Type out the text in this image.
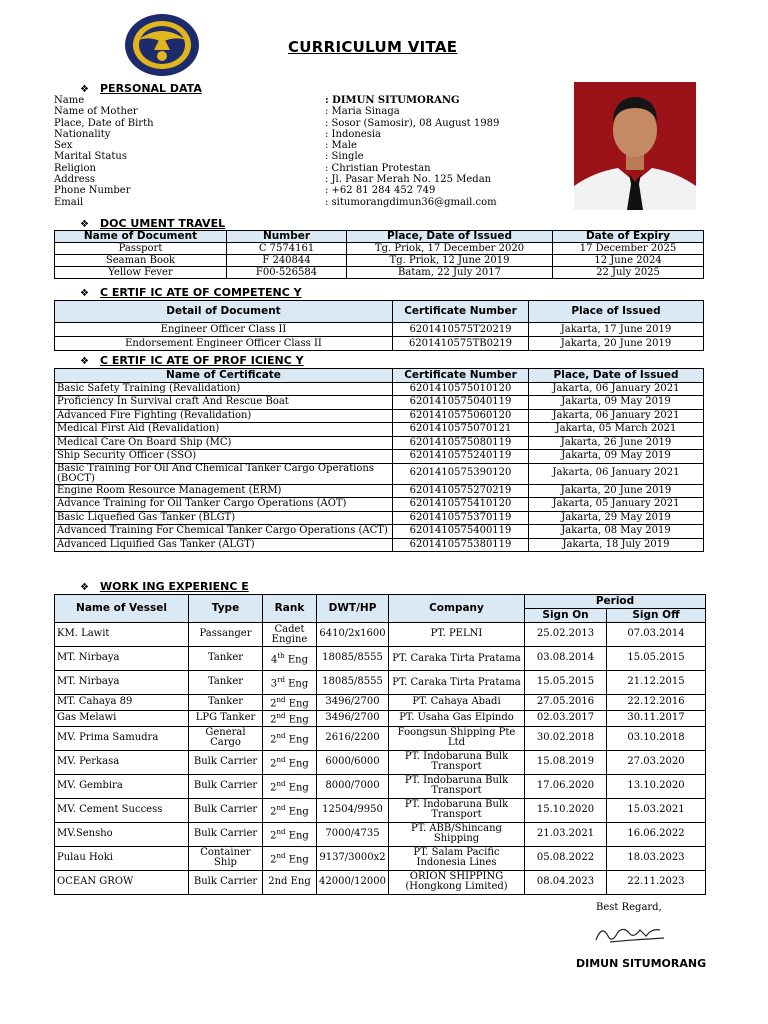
CURRICULUM VITAE
❖ PERSONAL DATA
Name	: DIMUN SITUMORANG
Name of Mother	: Maria Sinaga
Place, Date of Birth	: Sosor (Samosir), 08 August 1989
Nationality	: Indonesia
Sex	: Male
Marital Status	: Single
Religion	: Christian Protestan
Address	: Jl. Pasar Merah No. 125 Medan
Phone Number	: +62 81 284 452 749
Email	: situmorangdimun36@gmail.com
❖ DOC UMENT TRAVEL
Name of Document	Number	Place, Date of Issued	Date of Expiry
Passport	C 7574161	Tg. Priok, 17 December 2020	17 December 2025
Seaman Book	F 240844	Tg. Priok, 12 June 2019	12 June 2024
Yellow Fever	F00-526584	Batam, 22 July 2017	22 July 2025
❖ C ERTIF IC ATE OF COMPETENC Y
Detail of Document	Certificate Number	Place of Issued
Engineer Officer Class II	6201410575T20219	Jakarta, 17 June 2019
Endorsement Engineer Officer Class II	6201410575TB0219	Jakarta, 20 June 2019
❖ C ERTIF IC ATE OF PROF ICIENC Y
Name of Certificate	Certificate Number	Place, Date of Issued
Basic Safety Training (Revalidation)	6201410575010120	Jakarta, 06 January 2021
Proficiency In Survival craft And Rescue Boat	6201410575040119	Jakarta, 09 May 2019
Advanced Fire Fighting (Revalidation)	6201410575060120	Jakarta, 06 January 2021
Medical First Aid (Revalidation)	6201410575070121	Jakarta, 05 March 2021
Medical Care On Board Ship (MC)	6201410575080119	Jakarta, 26 June 2019
Ship Security Officer (SSO)	6201410575240119	Jakarta, 09 May 2019
Basic Training For Oil And Chemical Tanker Cargo Operations (BOCT)	6201410575390120	Jakarta, 06 January 2021
Engine Room Resource Management (ERM)	6201410575270219	Jakarta, 20 June 2019
Advance Training for Oil Tanker Cargo Operations (AOT)	6201410575410120	Jakarta, 05 January 2021
Basic Liquefied Gas Tanker (BLGT)	6201410575370119	Jakarta, 29 May 2019
Advanced Training For Chemical Tanker Cargo Operations (ACT)	6201410575400119	Jakarta, 08 May 2019
Advanced Liquified Gas Tanker (ALGT)	6201410575380119	Jakarta, 18 July 2019
❖ WORK ING EXPERIENC E
Name of Vessel	Type	Rank	DWT/HP	Company	Period	
					Sign On	Sign Off
KM. Lawit	Passanger	Cadet Engine	6410/2x1600	PT. PELNI	25.02.2013	07.03.2014
MT. Nirbaya	Tanker	4th Eng	18085/8555	PT. Caraka Tirta Pratama	03.08.2014	15.05.2015
MT. Nirbaya	Tanker	3rd Eng	18085/8555	PT. Caraka Tirta Pratama	15.05.2015	21.12.2015
MT. Cahaya 89	Tanker	2nd Eng	3496/2700	PT. Cahaya Abadi	27.05.2016	22.12.2016
Gas Melawi	LPG Tanker	2nd Eng	3496/2700	PT. Usaha Gas Elpindo	02.03.2017	30.11.2017
MV. Prima Samudra	General Cargo	2nd Eng	2616/2200	Foongsun Shipping Pte Ltd	30.02.2018	03.10.2018
MV. Perkasa	Bulk Carrier	2nd Eng	6000/6000	PT. Indobaruna Bulk Transport	15.08.2019	27.03.2020
MV. Gembira	Bulk Carrier	2nd Eng	8000/7000	PT. Indobaruna Bulk Transport	17.06.2020	13.10.2020
MV. Cement Success	Bulk Carrier	2nd Eng	12504/9950	PT. Indobaruna Bulk Transport	15.10.2020	15.03.2021
MV.Sensho	Bulk Carrier	2nd Eng	7000/4735	PT. ABB/Shincang Shipping	21.03.2021	16.06.2022
Pulau Hoki	Container Ship	2nd Eng	9137/3000x2	PT. Salam Pacific Indonesia Lines	05.08.2022	18.03.2023
OCEAN GROW	Bulk Carrier	2nd Eng	42000/12000	ORION SHIPPING (Hongkong Limited)	08.04.2023	22.11.2023
Best Regard,
DIMUN SITUMORANG
